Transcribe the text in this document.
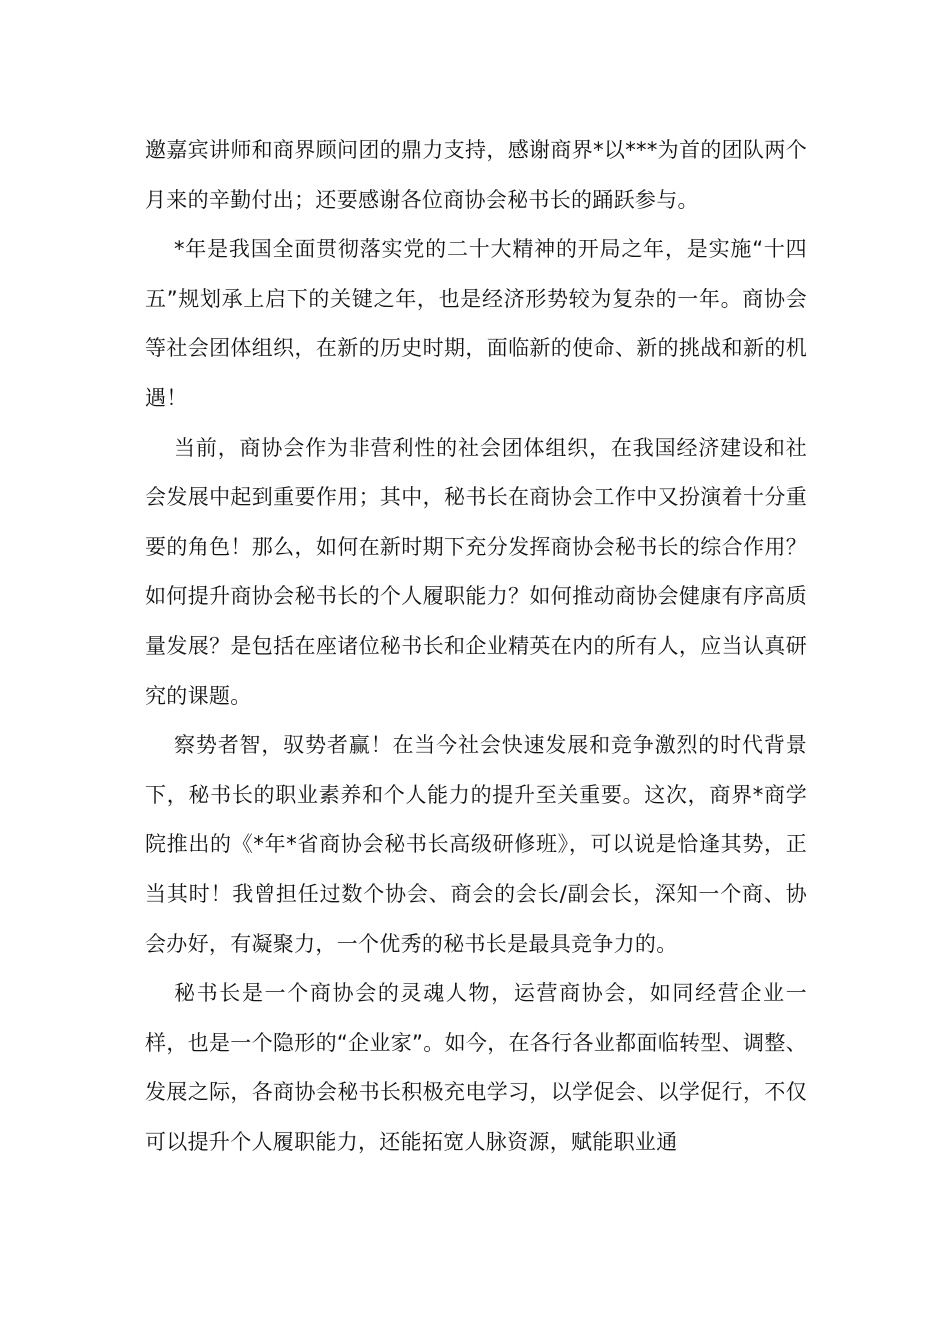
邀嘉宾讲师和商界顾问团的鼎力支持，感谢商界*以***为首的团队两个月来的辛勤付出；还要感谢各位商协会秘书长的踊跃参与。

*年是我国全面贯彻落实党的二十大精神的开局之年，是实施“十四五”规划承上启下的关键之年，也是经济形势较为复杂的一年。商协会等社会团体组织，在新的历史时期，面临新的使命、新的挑战和新的机遇！

当前，商协会作为非营利性的社会团体组织，在我国经济建设和社会发展中起到重要作用；其中，秘书长在商协会工作中又扮演着十分重要的角色！那么，如何在新时期下充分发挥商协会秘书长的综合作用？如何提升商协会秘书长的个人履职能力？如何推动商协会健康有序高质量发展？是包括在座诸位秘书长和企业精英在内的所有人，应当认真研究的课题。

察势者智，驭势者赢！在当今社会快速发展和竞争激烈的时代背景下，秘书长的职业素养和个人能力的提升至关重要。这次，商界*商学院推出的《*年*省商协会秘书长高级研修班》，可以说是恰逢其势，正当其时！我曾担任过数个协会、商会的会长/副会长，深知一个商、协会办好，有凝聚力，一个优秀的秘书长是最具竞争力的。

秘书长是一个商协会的灵魂人物，运营商协会，如同经营企业一样，也是一个隐形的“企业家”。如今，在各行各业都面临转型、调整、发展之际，各商协会秘书长积极充电学习，以学促会、以学促行，不仅可以提升个人履职能力，还能拓宽人脉资源，赋能职业通
